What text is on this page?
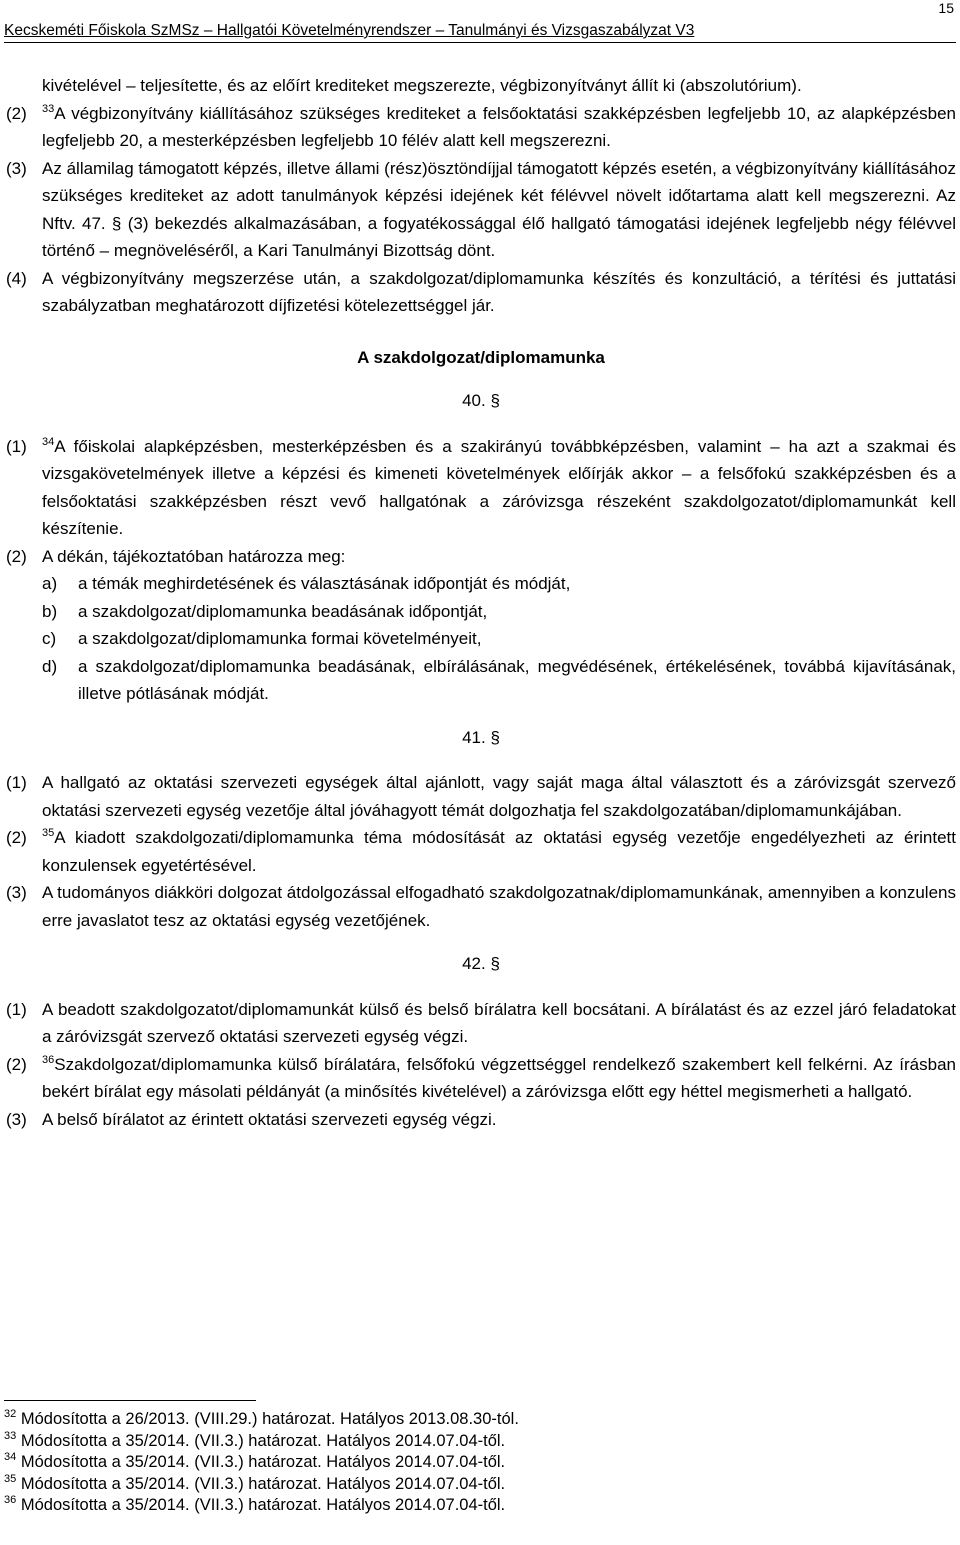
15
Kecskeméti Főiskola SzMSz – Hallgatói Követelményrendszer – Tanulmányi és Vizsgaszabályzat V3
kivételével – teljesítette, és az előírt krediteket megszerezte, végbizonyítványt állít ki (abszolutórium).
(2)	$^{33}$A végbizonyítvány kiállításához szükséges krediteket a felsőoktatási szakképzésben legfeljebb 10, az alapképzésben legfeljebb 20, a mesterképzésben legfeljebb 10 félév alatt kell megszerezni.
(3) Az államilag támogatott képzés, illetve állami (rész)ösztöndíjjal támogatott képzés esetén, a végbizonyítvány kiállításához szükséges krediteket az adott tanulmányok képzési idejének két félévvel növelt időtartama alatt kell megszerezni. Az Nftv. 47. § (3) bekezdés alkalmazásában, a fogyatékossággal élő hallgató támogatási idejének legfeljebb négy félévvel történő – megnöveléséről, a Kari Tanulmányi Bizottság dönt.
(4) A végbizonyítvány megszerzése után, a szakdolgozat/diplomamunka készítés és konzultáció, a térítési és juttatási szabályzatban meghatározott díjfizetési kötelezettséggel jár.
A szakdolgozat/diplomamunka
40. §
(1)	$^{34}$A főiskolai alapképzésben, mesterképzésben és a szakirányú továbbképzésben, valamint – ha azt a szakmai és vizsgakövetelmények illetve a képzési és kimeneti követelmények előírják akkor – a felsőfokú szakképzésben és a felsőoktatási szakképzésben részt vevő hallgatónak a záróvizsga részeként szakdolgozatot/diplomamunkát kell készítenie.
(2) A dékán, tájékoztatóban határozza meg:
a)	a témák meghirdetésének és választásának időpontját és módját,
b)	a szakdolgozat/diplomamunka beadásának időpontját,
c)	a szakdolgozat/diplomamunka formai követelményeit,
d)	a szakdolgozat/diplomamunka beadásának, elbírálásának, megvédésének, értékelésének, továbbá kijavításának, illetve pótlásának módját.
41. §
(1) A hallgató az oktatási szervezeti egységek által ajánlott, vagy saját maga által választott és a záróvizsgát szervező oktatási szervezeti egység vezetője által jóváhagyott témát dolgozhatja fel szakdolgozatában/diplomamunkájában.
(2)	$^{35}$A kiadott szakdolgozati/diplomamunka téma módosítását az oktatási egység vezetője engedélyezheti az érintett konzulensek egyetértésével.
(3) A tudományos diákköri dolgozat átdolgozással elfogadható szakdolgozatnak/diplomamunkának, amennyiben a konzulens erre javaslatot tesz az oktatási egység vezetőjének.
42. §
(1) A beadott szakdolgozatot/diplomamunkát külső és belső bírálatra kell bocsátani. A bírálatást és az ezzel járó feladatokat a záróvizsgát szervező oktatási szervezeti egység végzi.
(2)	$^{36}$Szakdolgozat/diplomamunka külső bírálatára, felsőfokú végzettséggel rendelkező szakembert kell felkérni. Az írásban bekért bírálat egy másolati példányát (a minősítés kivételével) a záróvizsga előtt egy héttel megismerheti a hallgató.
(3) A belső bírálatot az érintett oktatási szervezeti egység végzi.
$^{32}$ Módosította a 26/2013. (VIII.29.) határozat. Hatályos 2013.08.30-tól.
$^{33}$ Módosította a 35/2014. (VII.3.) határozat. Hatályos 2014.07.04-től.
$^{34}$ Módosította a 35/2014. (VII.3.) határozat. Hatályos 2014.07.04-től.
$^{35}$ Módosította a 35/2014. (VII.3.) határozat. Hatályos 2014.07.04-től.
$^{36}$ Módosította a 35/2014. (VII.3.) határozat. Hatályos 2014.07.04-től.
